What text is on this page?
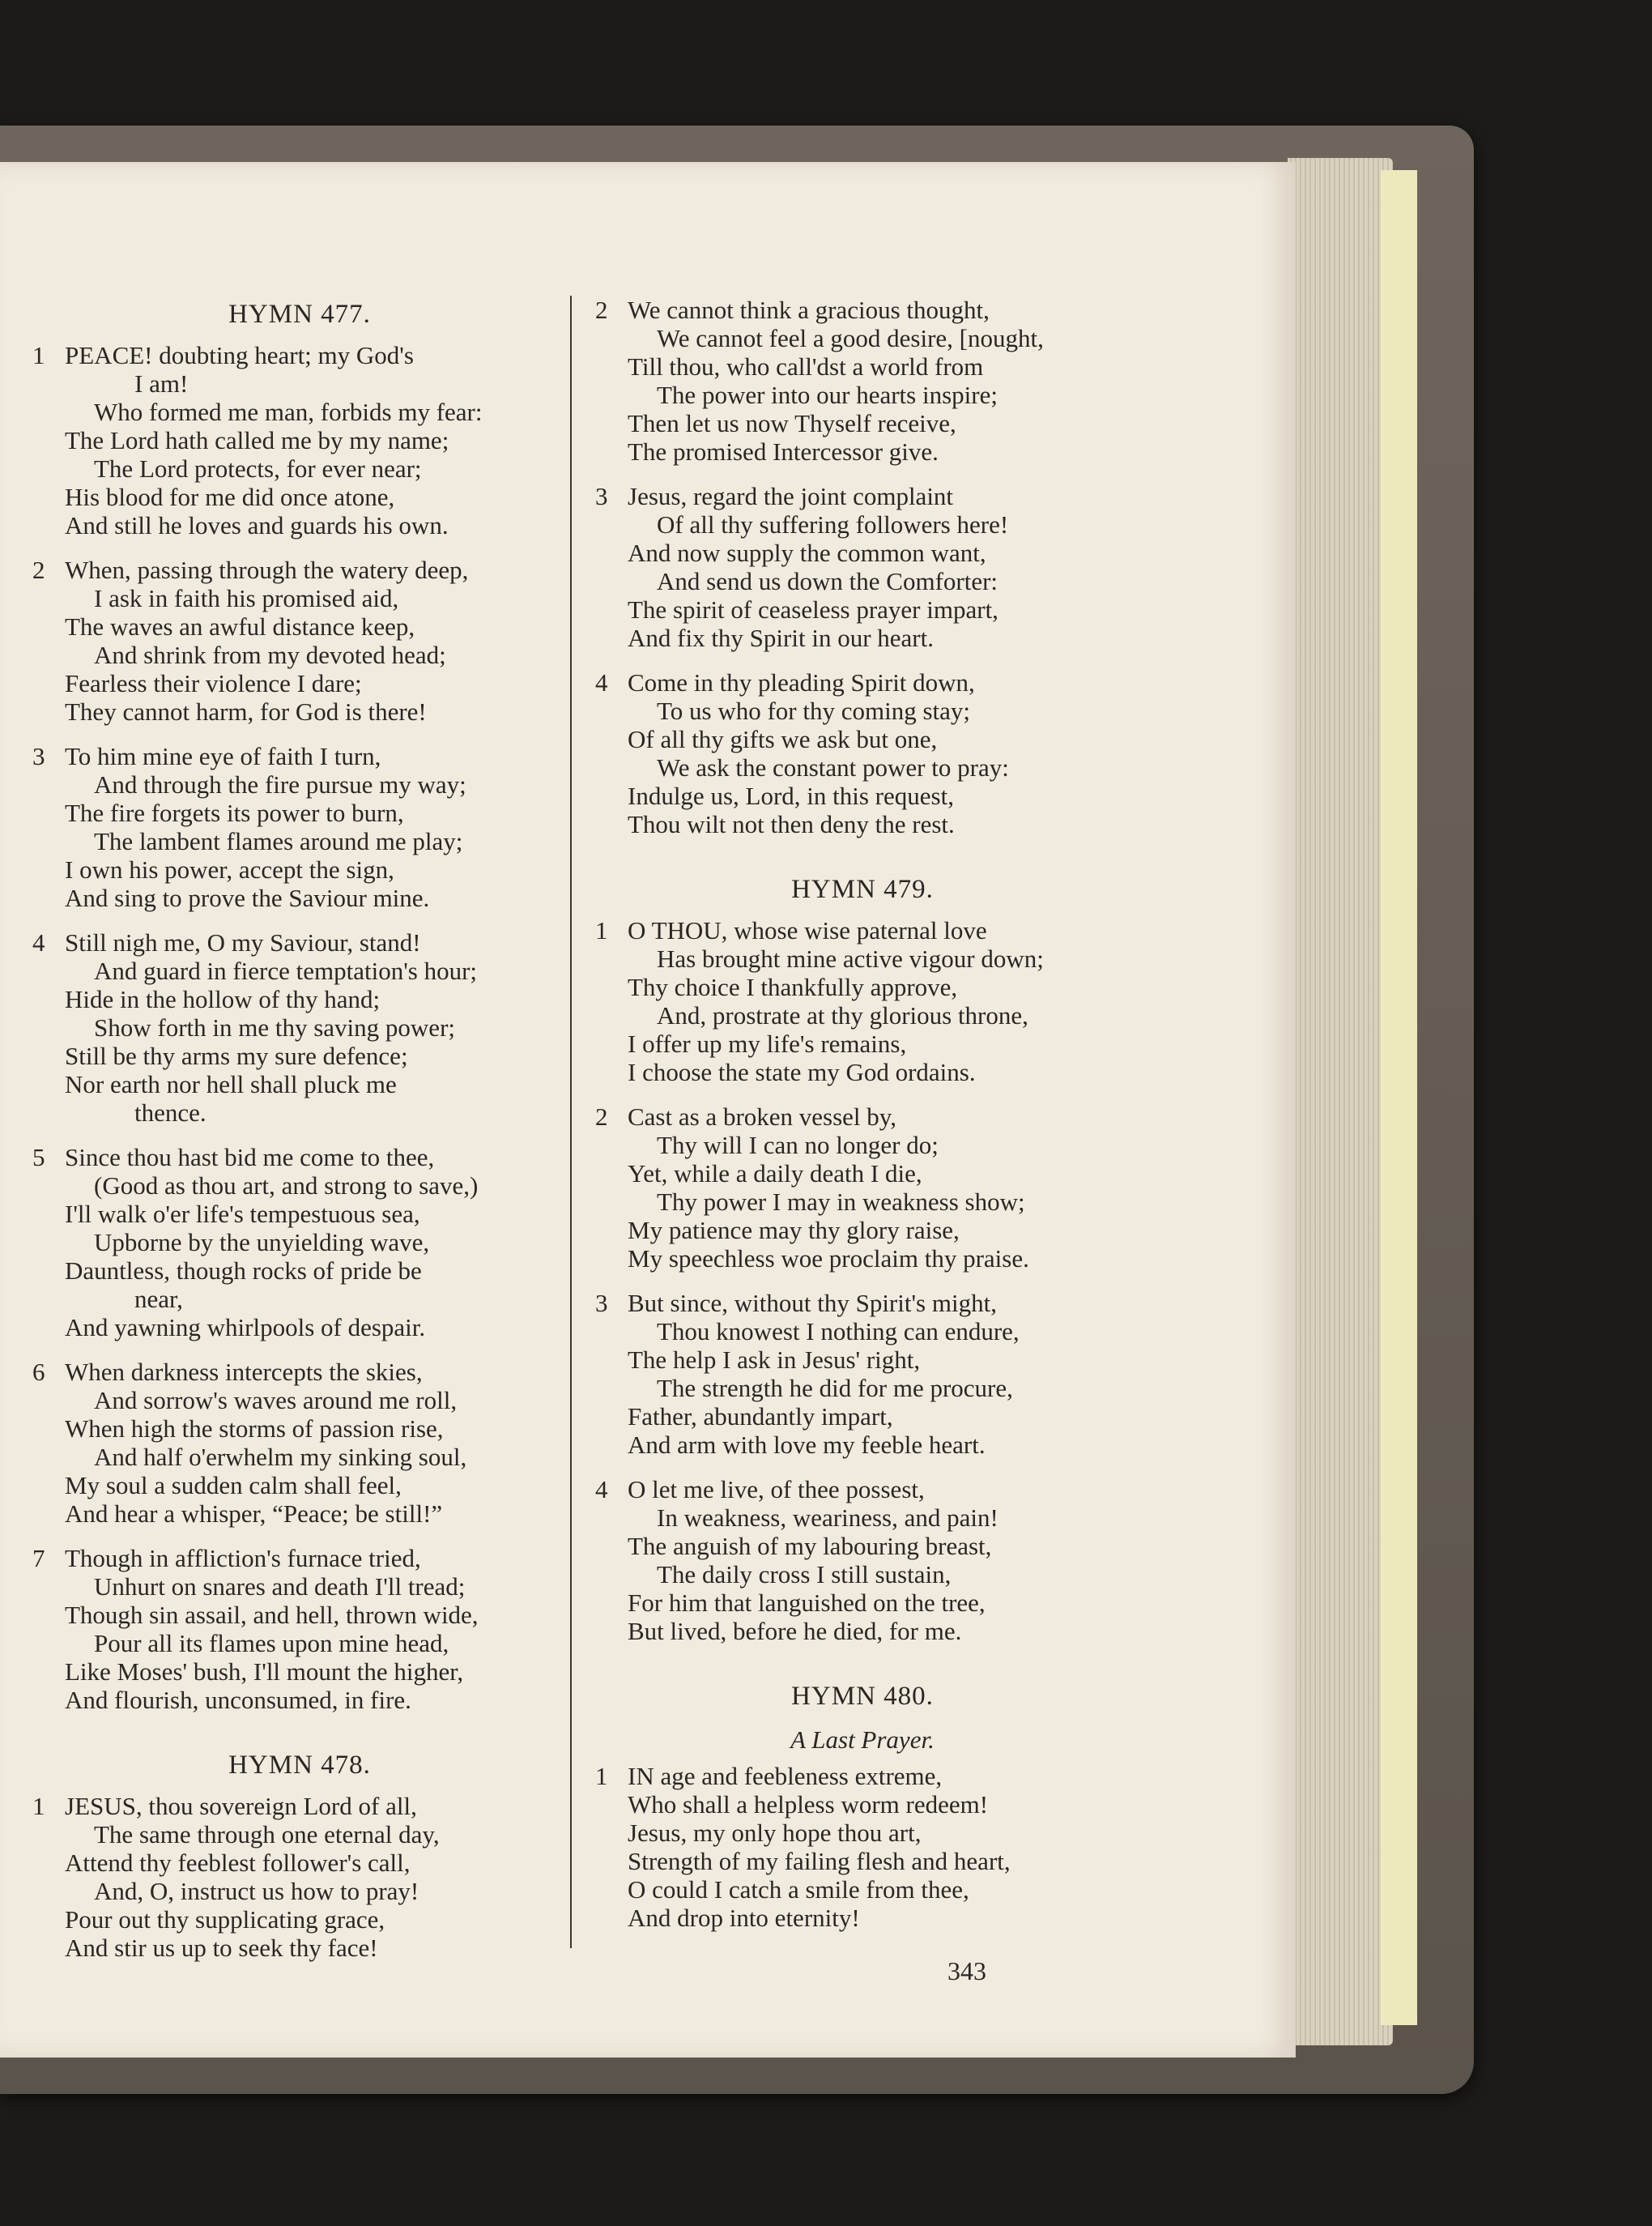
HYMN 477.
1 PEACE! doubting heart; my God's
I am!
Who formed me man, forbids my fear:
The Lord hath called me by my name;
The Lord protects, for ever near;
His blood for me did once atone,
And still he loves and guards his own.
2 When, passing through the watery deep,
I ask in faith his promised aid,
The waves an awful distance keep,
And shrink from my devoted head;
Fearless their violence I dare;
They cannot harm, for God is there!
3 To him mine eye of faith I turn,
And through the fire pursue my way;
The fire forgets its power to burn,
The lambent flames around me play;
I own his power, accept the sign,
And sing to prove the Saviour mine.
4 Still nigh me, O my Saviour, stand!
And guard in fierce temptation's hour;
Hide in the hollow of thy hand;
Show forth in me thy saving power;
Still be thy arms my sure defence;
Nor earth nor hell shall pluck me
thence.
5 Since thou hast bid me come to thee,
(Good as thou art, and strong to save,)
I'll walk o'er life's tempestuous sea,
Upborne by the unyielding wave,
Dauntless, though rocks of pride be
near,
And yawning whirlpools of despair.
6 When darkness intercepts the skies,
And sorrow's waves around me roll,
When high the storms of passion rise,
And half o'erwhelm my sinking soul,
My soul a sudden calm shall feel,
And hear a whisper, “Peace; be still!”
7 Though in affliction's furnace tried,
Unhurt on snares and death I'll tread;
Though sin assail, and hell, thrown wide,
Pour all its flames upon mine head,
Like Moses' bush, I'll mount the higher,
And flourish, unconsumed, in fire.
HYMN 478.
1 JESUS, thou sovereign Lord of all,
The same through one eternal day,
Attend thy feeblest follower's call,
And, O, instruct us how to pray!
Pour out thy supplicating grace,
And stir us up to seek thy face!
2 We cannot think a gracious thought,
We cannot feel a good desire, [nought,
Till thou, who call'dst a world from
The power into our hearts inspire;
Then let us now Thyself receive,
The promised Intercessor give.
3 Jesus, regard the joint complaint
Of all thy suffering followers here!
And now supply the common want,
And send us down the Comforter:
The spirit of ceaseless prayer impart,
And fix thy Spirit in our heart.
4 Come in thy pleading Spirit down,
To us who for thy coming stay;
Of all thy gifts we ask but one,
We ask the constant power to pray:
Indulge us, Lord, in this request,
Thou wilt not then deny the rest.
HYMN 479.
1 O THOU, whose wise paternal love
Has brought mine active vigour down;
Thy choice I thankfully approve,
And, prostrate at thy glorious throne,
I offer up my life's remains,
I choose the state my God ordains.
2 Cast as a broken vessel by,
Thy will I can no longer do;
Yet, while a daily death I die,
Thy power I may in weakness show;
My patience may thy glory raise,
My speechless woe proclaim thy praise.
3 But since, without thy Spirit's might,
Thou knowest I nothing can endure,
The help I ask in Jesus' right,
The strength he did for me procure,
Father, abundantly impart,
And arm with love my feeble heart.
4 O let me live, of thee possest,
In weakness, weariness, and pain!
The anguish of my labouring breast,
The daily cross I still sustain,
For him that languished on the tree,
But lived, before he died, for me.
HYMN 480.
A Last Prayer.
1 IN age and feebleness extreme,
Who shall a helpless worm redeem!
Jesus, my only hope thou art,
Strength of my failing flesh and heart,
O could I catch a smile from thee,
And drop into eternity!
343
